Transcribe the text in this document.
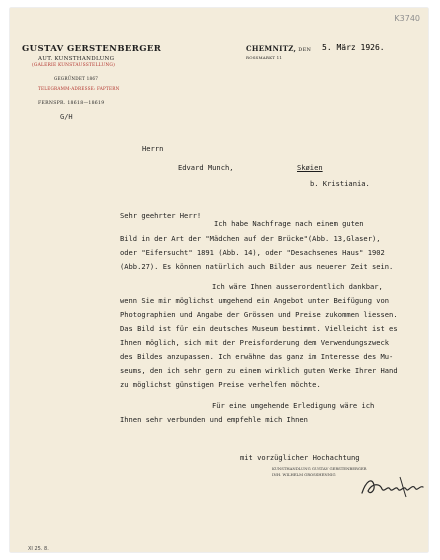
K3740
GUSTAV GERSTENBERGER
AUT. KUNSTHANDLUNG
(GALERIE KUNSTAUSSTELLUNG)
GEGRÜNDET 1867
TELEGRAMM-ADRESSE: FAPTERN
FERNSPR. 18618—18619
G/H
CHEMNITZ, DEN
ROSSMARKT 11
5. März 1926.
Herrn
Edvard Munch,	Skøien
b. Kristiania.
Sehr geehrter Herr!
Ich habe Nachfrage nach einem guten
Bild in der Art der "Mädchen auf der Brücke"(Abb. 13,Glaser),
oder "Eifersucht" 1891 (Abb. 14), oder "Desachsenes Haus" 1902
(Abb.27). Es können natürlich auch Bilder aus neuerer Zeit sein.
Ich wäre Ihnen ausserordentlich dankbar,
wenn Sie mir möglichst umgehend ein Angebot unter Beifügung von
Photographien und Angabe der Grössen und Preise zukommen liessen.
Das Bild ist für ein deutsches Museum bestimmt. Vielleicht ist es
Ihnen möglich, sich mit der Preisforderung dem Verwendungszweck
des Bildes anzupassen. Ich erwähne das ganz im Interesse des Mu-
seums, den ich sehr gern zu einem wirklich guten Werke Ihrer Hand
zu möglichst günstigen Preise verhelfen möchte.
Für eine umgehende Erledigung wäre ich
Ihnen sehr verbunden und empfehle mich Ihnen
mit vorzüglicher Hochachtung
KUNSTHANDLUNG GUSTAV GERSTENBERGER
INH. WILHELM GROSSHENNIG
XI 25. 8.
